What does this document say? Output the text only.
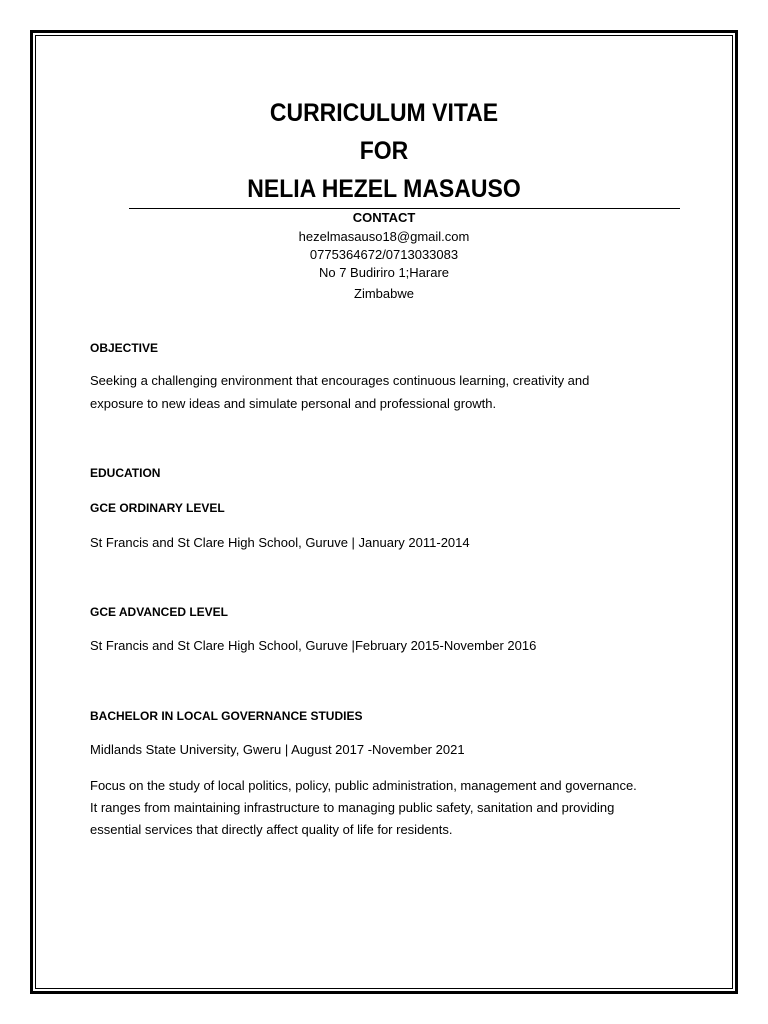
CURRICULUM VITAE
FOR
NELIA HEZEL MASAUSO
CONTACT
hezelmasauso18@gmail.com
0775364672/0713033083
No 7 Budiriro 1;Harare
Zimbabwe
OBJECTIVE
Seeking a challenging environment that encourages continuous learning, creativity and
exposure to new ideas and simulate personal and professional growth.
EDUCATION
GCE ORDINARY LEVEL
St Francis and St Clare High School, Guruve | January 2011-2014
GCE ADVANCED LEVEL
St Francis and St Clare High School, Guruve |February 2015-November 2016
BACHELOR IN LOCAL GOVERNANCE STUDIES
Midlands State University, Gweru | August 2017 -November 2021
Focus on the study of local politics, policy, public administration, management and governance.
It ranges from maintaining infrastructure to managing public safety, sanitation and providing
essential services that directly affect quality of life for residents.
